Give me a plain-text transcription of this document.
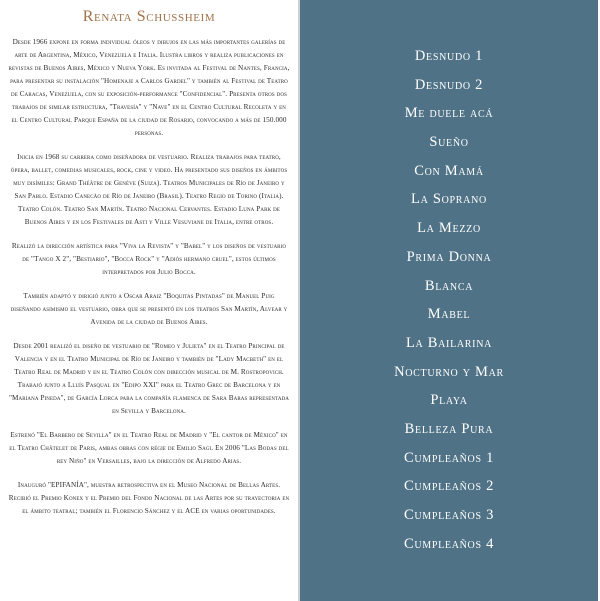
Renata Schussheim

Desde 1966 expone en forma individual óleos y dibujos en las más importantes galerías de arte de Argentina, México, Venezuela e Italia. Ilustra libros y realiza publicaciones en revistas de Buenos Aires, México y Nueva York. Es invitada al Festival de Nantes, Francia, para presentar su instalación "Homenaje a Carlos Gardel" y también al Festival de Teatro de Caracas, Venezuela, con su exposición-performance "Confidencial". Presenta otros dos trabajos de similar estructura, "Travesía" y "Nave" en el Centro Cultural Recoleta y en el Centro Cultural Parque España de la ciudad de Rosario, convocando a más de 150.000 personas.

Inicia en 1968 su carrera como diseñadora de vestuario. Realiza trabajos para teatro, ópera, ballet, comedias musicales, rock, cine y video. Ha presentado sus diseños en ámbitos muy disímiles: Grand Théâtre de Genève (Suiza). Teatros Municipales de Río de Janeiro y San Pablo. Estadio Canecão de Río de Janeiro (Brasil). Teatro Regio de Torino (Italia). Teatro Colón. Teatro San Martín. Teatro Nacional Cervantes. Estadio Luna Park de Buenos Aires y en los Festivales de Asti y Ville Vesuviane de Italia, entre otros.

Realizó la dirección artística para "Viva la Revista" y "Babel" y los diseños de vestuario de "Tango X 2", "Bestiario", "Bocca Rock" y "Adiós hermano cruel", estos últimos interpretados por Julio Bocca.

También adaptó y dirigió junto a Oscar Araiz "Boquitas Pintadas" de Manuel Puig diseñando asimismo el vestuario, obra que se presentó en los teatros San Martín, Alvear y Avenida de la ciudad de Buenos Aires.

Desde 2001 realizó el diseño de vestuario de "Romeo y Julieta" en el Teatro Principal de Valencia y en el Teatro Municipal de Río de Janeiro y también de "Lady Macbeth" en el Teatro Real de Madrid y en el Teatro Colón con dirección musical de M. Rostropovich. Trabajó junto a Lluís Pasqual en "Edipo XXI" para el Teatro Grec de Barcelona y en "Mariana Pineda", de García Lorca para la compañía flamenca de Sara Baras representada en Sevilla y Barcelona.

Estrenó "El Barbero de Sevilla" en el Teatro Real de Madrid y "El cantor de México" en el Teatro Châtelet de Paris, ambas obras con régie de Emilio Sagi. En 2006 "Las Bodas del rey Niño" en Versailles, bajo la dirección de Alfredo Arias.

Inauguró "EPIFANÍA", muestra retrospectiva en el Museo Nacional de Bellas Artes. Recibió el Premio Konex y el Premio del Fondo Nacional de las Artes por su trayectoria en el ámbito teatral; también el Florencio Sánchez y el ACE en varias oportunidades.

Desnudo 1
Desnudo 2
Me duele acá
Sueño
Con Mamá
La Soprano
La Mezzo
Prima Donna
Blanca
Mabel
La Bailarina
Nocturno y Mar
Playa
Belleza Pura
Cumpleaños 1
Cumpleaños 2
Cumpleaños 3
Cumpleaños 4
